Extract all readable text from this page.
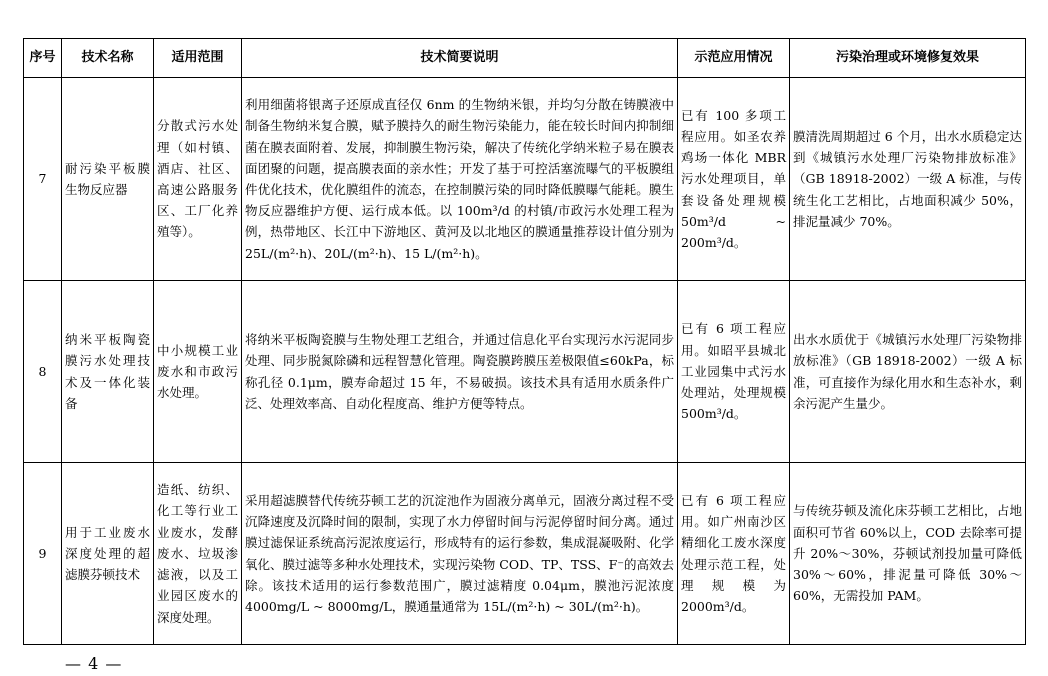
序号	技术名称	适用范围	技术简要说明	示范应用情况	污染治理或环境修复效果
7	耐污染平板膜生物反应器	分散式污水处理（如村镇、酒店、社区、高速公路服务区、工厂化养殖等）。	利用细菌将银离子还原成直径仅 6nm 的生物纳米银，并均匀分散在铸膜液中制备生物纳米复合膜，赋予膜持久的耐生物污染能力，能在较长时间内抑制细菌在膜表面附着、发展，抑制膜生物污染，解决了传统化学纳米粒子易在膜表面团聚的问题，提高膜表面的亲水性；开发了基于可控活塞流曝气的平板膜组件优化技术，优化膜组件的流态，在控制膜污染的同时降低膜曝气能耗。膜生物反应器维护方便、运行成本低。以 100m³/d 的村镇/市政污水处理工程为例，热带地区、长江中下游地区、黄河及以北地区的膜通量推荐设计值分别为 25L/(m²·h)、20L/(m²·h)、15 L/(m²·h)。	已有 100 多项工程应用。如圣农养鸡场一体化 MBR 污水处理项目，单套设备处理规模 50m³/d ~ 200m³/d。	膜清洗周期超过 6 个月，出水水质稳定达到《城镇污水处理厂污染物排放标准》（GB 18918-2002）一级 A 标准，与传统生化工艺相比，占地面积减少 50%，排泥量减少 70%。
8	纳米平板陶瓷膜污水处理技术及一体化装备	中小规模工业废水和市政污水处理。	将纳米平板陶瓷膜与生物处理工艺组合，并通过信息化平台实现污水污泥同步处理、同步脱氮除磷和远程智慧化管理。陶瓷膜跨膜压差极限值≤60kPa，标称孔径 0.1μm，膜寿命超过 15 年，不易破损。该技术具有适用水质条件广泛、处理效率高、自动化程度高、维护方便等特点。	已有 6 项工程应用。如昭平县城北工业园集中式污水处理站，处理规模 500m³/d。	出水水质优于《城镇污水处理厂污染物排放标准》（GB 18918-2002）一级 A 标准，可直接作为绿化用水和生态补水，剩余污泥产生量少。
9	用于工业废水深度处理的超滤膜芬顿技术	造纸、纺织、化工等行业工业废水，发酵废水、垃圾渗滤液，以及工业园区废水的深度处理。	采用超滤膜替代传统芬顿工艺的沉淀池作为固液分离单元，固液分离过程不受沉降速度及沉降时间的限制，实现了水力停留时间与污泥停留时间分离。通过膜过滤保证系统高污泥浓度运行，形成特有的运行参数，集成混凝吸附、化学氧化、膜过滤等多种水处理技术，实现污染物 COD、TP、TSS、F⁻的高效去除。该技术适用的运行参数范围广，膜过滤精度 0.04μm，膜池污泥浓度 4000mg/L ~ 8000mg/L，膜通量通常为 15L/(m²·h) ~ 30L/(m²·h)。	已有 6 项工程应用。如广州南沙区精细化工废水深度处理示范工程，处理规模为 2000m³/d。	与传统芬顿及流化床芬顿工艺相比，占地面积可节省 60%以上，COD 去除率可提升 20%～30%，芬顿试剂投加量可降低 30%～60%，排泥量可降低 30%～60%，无需投加 PAM。
— 4 —
